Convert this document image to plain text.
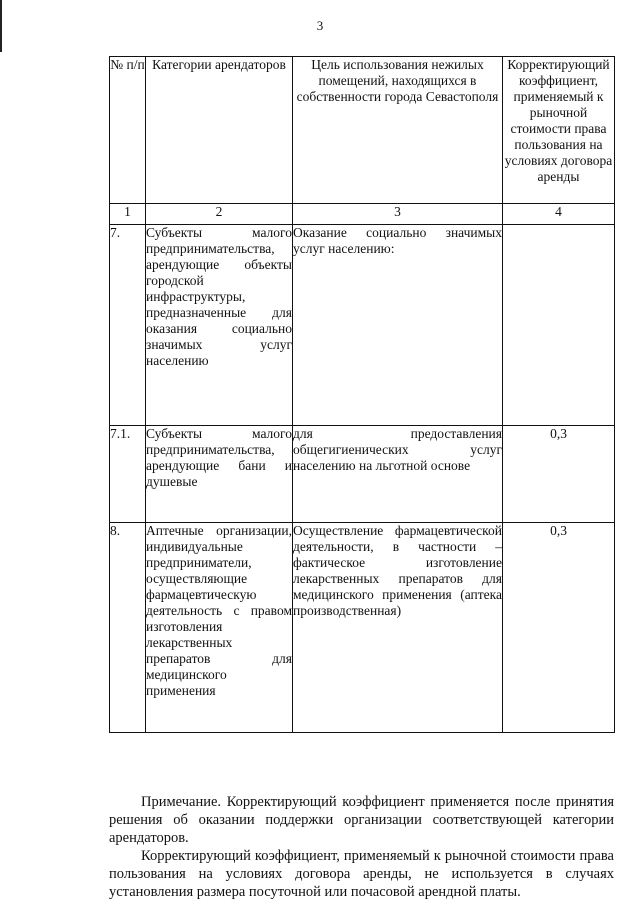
3
№ п/п	Категории арендаторов	Цель использования нежилых помещений, находящихся в собственности города Севастополя	Корректирующий коэффициент, применяемый к рыночной стоимости права пользования на условиях договора аренды
1	2	3	4
7.	Субъекты малого предпринимательства, арендующие объекты городской инфраструктуры, предназначенные для оказания социально значимых услуг населению	Оказание социально значимых услуг населению:	
7.1.	Субъекты малого предпринимательства, арендующие бани и душевые	для предоставления общегигиенических услуг населению на льготной основе	0,3
8.	Аптечные организации, индивидуальные предприниматели, осуществляющие фармацевтическую деятельность с правом изготовления лекарственных препаратов для медицинского применения	Осуществление фармацевтической деятельности, в частности – фактическое изготовление лекарственных препаратов для медицинского применения (аптека производственная)	0,3

Примечание. Корректирующий коэффициент применяется после принятия решения об оказании поддержки организации соответствующей категории арендаторов.

Корректирующий коэффициент, применяемый к рыночной стоимости права пользования на условиях договора аренды, не используется в случаях установления размера посуточной или почасовой арендной платы.
